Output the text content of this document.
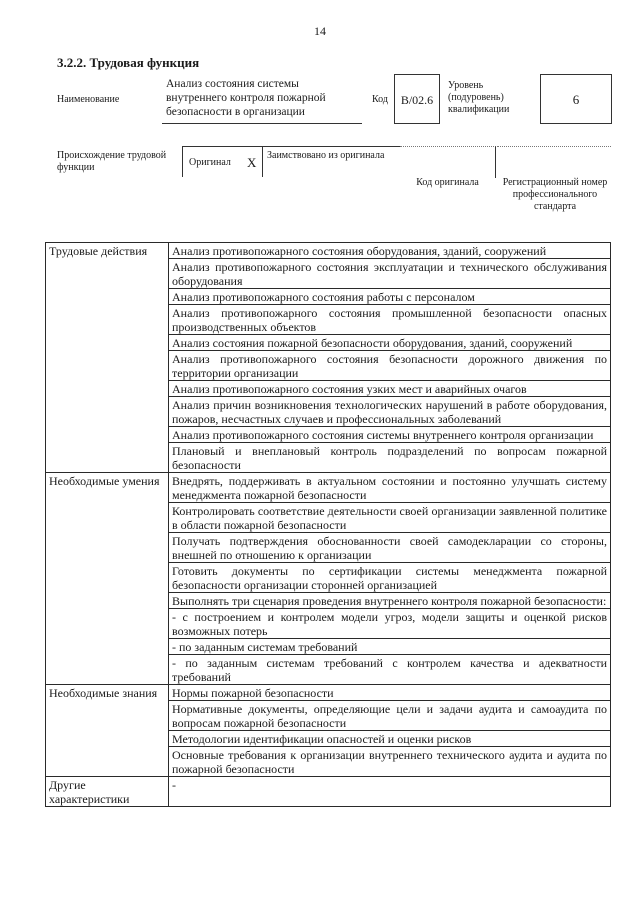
14
3.2.2. Трудовая функция
Наименование
Анализ состояния системы внутреннего контроля пожарной безопасности в организации
Код	B/02.6
Уровень (подуровень) квалификации
6
Происхождение трудовой функции	Оригинал X	Заимствовано из оригинала
Код оригинала	Регистрационный номер профессионального стандарта
Трудовые действия	Анализ противопожарного состояния оборудования, зданий, сооружений
	Анализ противопожарного состояния эксплуатации и технического обслуживания оборудования
	Анализ противопожарного состояния работы с персоналом
	Анализ противопожарного состояния промышленной безопасности опасных производственных объектов
	Анализ состояния пожарной безопасности оборудования, зданий, сооружений
	Анализ противопожарного состояния безопасности дорожного движения по территории организации
	Анализ противопожарного состояния узких мест и аварийных очагов
	Анализ причин возникновения технологических нарушений в работе оборудования, пожаров, несчастных случаев и профессиональных заболеваний
	Анализ противопожарного состояния системы внутреннего контроля организации
	Плановый и внеплановый контроль подразделений по вопросам пожарной безопасности
Необходимые умения	Внедрять, поддерживать в актуальном состоянии и постоянно улучшать систему менеджмента пожарной безопасности
	Контролировать соответствие деятельности своей организации заявленной политике в области пожарной безопасности
	Получать подтверждения обоснованности своей самодекларации со стороны, внешней по отношению к организации
	Готовить документы по сертификации системы менеджмента пожарной безопасности организации сторонней организацией
	Выполнять три сценария проведения внутреннего контроля пожарной безопасности:
	- с построением и контролем модели угроз, модели защиты и оценкой рисков возможных потерь
	- по заданным системам требований
	- по заданным системам требований с контролем качества и адекватности требований
Необходимые знания	Нормы пожарной безопасности
	Нормативные документы, определяющие цели и задачи аудита и самоаудита по вопросам пожарной безопасности
	Методологии идентификации опасностей и оценки рисков
	Основные требования к организации внутреннего технического аудита и аудита по пожарной безопасности
Другие характеристики	-
